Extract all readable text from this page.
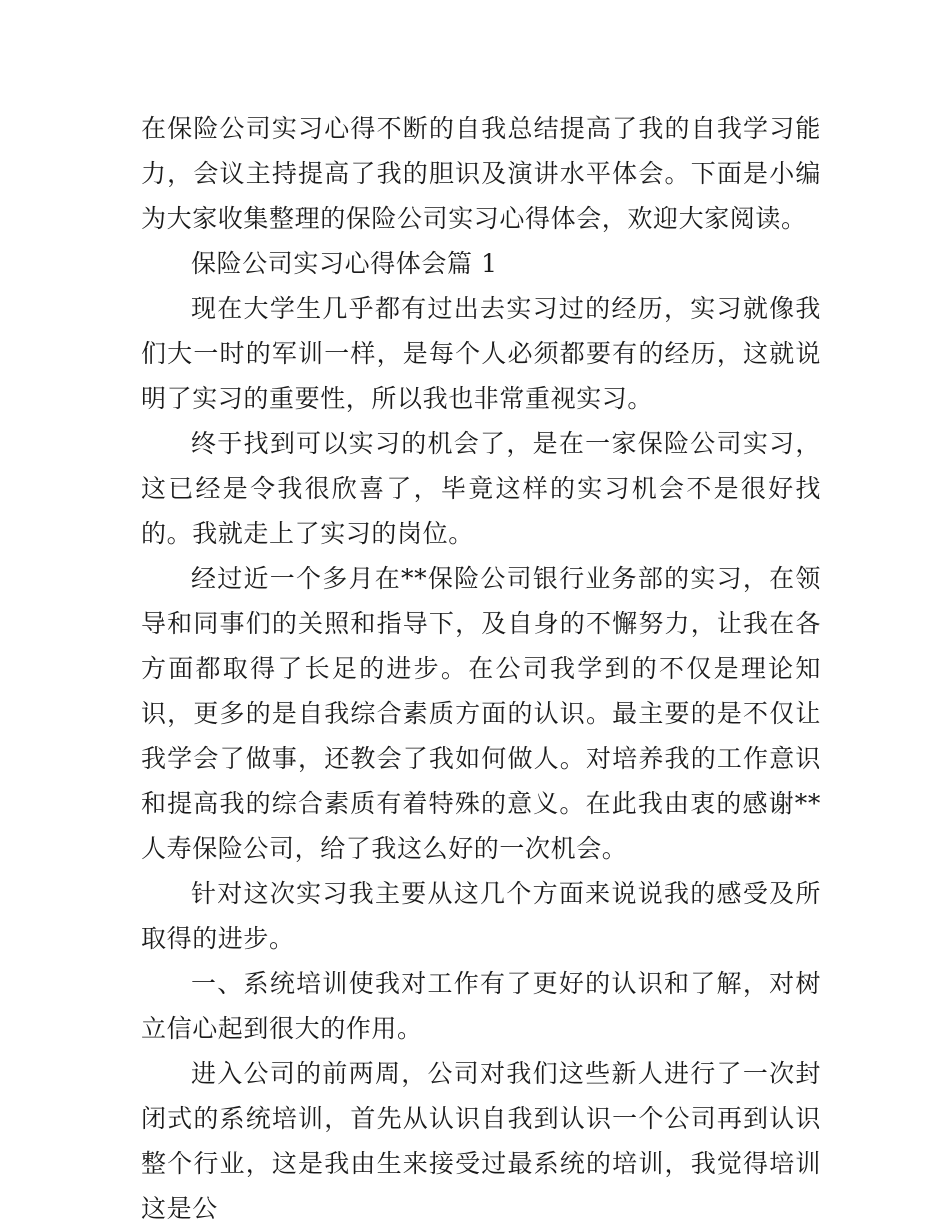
在保险公司实习心得不断的自我总结提高了我的自我学习能力，会议主持提高了我的胆识及演讲水平体会。下面是小编为大家收集整理的保险公司实习心得体会，欢迎大家阅读。

保险公司实习心得体会篇 1

现在大学生几乎都有过出去实习过的经历，实习就像我们大一时的军训一样，是每个人必须都要有的经历，这就说明了实习的重要性，所以我也非常重视实习。

终于找到可以实习的机会了，是在一家保险公司实习，这已经是令我很欣喜了，毕竟这样的实习机会不是很好找的。我就走上了实习的岗位。

经过近一个多月在**保险公司银行业务部的实习，在领导和同事们的关照和指导下，及自身的不懈努力，让我在各方面都取得了长足的进步。在公司我学到的不仅是理论知识，更多的是自我综合素质方面的认识。最主要的是不仅让我学会了做事，还教会了我如何做人。对培养我的工作意识和提高我的综合素质有着特殊的意义。在此我由衷的感谢**人寿保险公司，给了我这么好的一次机会。

针对这次实习我主要从这几个方面来说说我的感受及所取得的进步。

一、系统培训使我对工作有了更好的认识和了解，对树立信心起到很大的作用。

进入公司的前两周，公司对我们这些新人进行了一次封闭式的系统培训，首先从认识自我到认识一个公司再到认识整个行业，这是我由生来接受过最系统的培训，我觉得培训这是公
